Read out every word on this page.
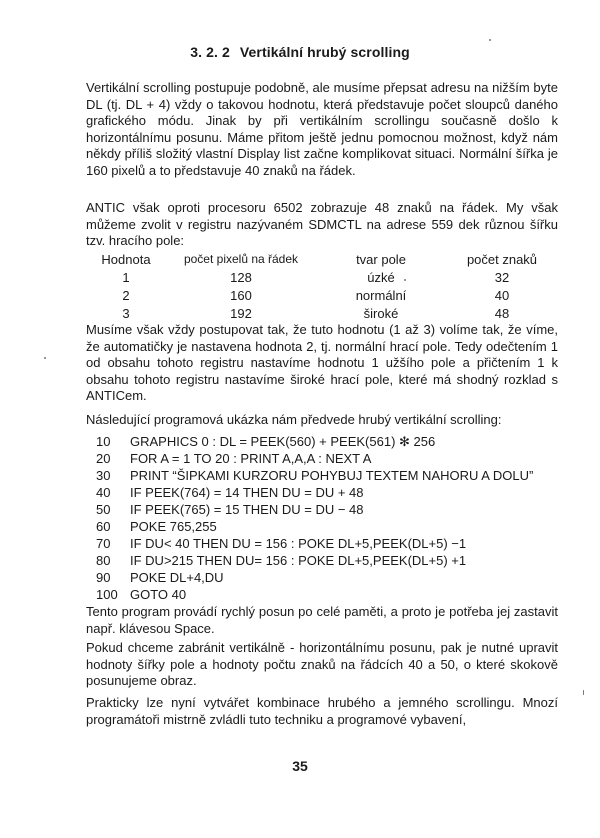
3. 2. 2 Vertikální hrubý scrolling

Vertikální scrolling postupuje podobně, ale musíme přepsat adresu na nižším byte DL (tj. DL + 4) vždy o takovou hodnotu, která představuje počet sloupců daného grafického módu. Jinak by při vertikálním scrollingu současně došlo k horizontálnímu posunu. Máme přitom ještě jednu pomocnou možnost, když nám někdy příliš složitý vlastní Display list začne komplikovat situaci. Normální šířka je 160 pixelů a to představuje 40 znaků na řádek.

ANTIC však oproti procesoru 6502 zobrazuje 48 znaků na řádek. My však můžeme zvolit v registru nazývaném SDMCTL na adrese 559 dek různou šířku tzv. hracího pole:

Hodnota	počet pixelů na řádek	tvar pole	počet znaků
1	128	úzké	32
2	160	normální	40
3	192	široké	48

Musíme však vždy postupovat tak, že tuto hodnotu (1 až 3) volíme tak, že víme, že automatičky je nastavena hodnota 2, tj. normální hrací pole. Tedy odečtením 1 od obsahu tohoto registru nastavíme hodnotu 1 užšího pole a přičtením 1 k obsahu tohoto registru nastavíme široké hrací pole, které má shodný rozklad s ANTICem.

Následující programová ukázka nám předvede hrubý vertikální scrolling:

10 GRAPHICS 0 : DL = PEEK(560) + PEEK(561) ✻ 256
20 FOR A = 1 TO 20 : PRINT A,A,A : NEXT A
30 PRINT “ŠIPKAMI KURZORU POHYBUJ TEXTEM NAHORU A DOLU”
40 IF PEEK(764) = 14 THEN DU = DU + 48
50 IF PEEK(765) = 15 THEN DU = DU − 48
60 POKE 765,255
70 IF DU< 40 THEN DU = 156 : POKE DL+5,PEEK(DL+5) −1
80 IF DU>215 THEN DU= 156 : POKE DL+5,PEEK(DL+5) +1
90 POKE DL+4,DU
100 GOTO 40

Tento program provádí rychlý posun po celé paměti, a proto je potřeba jej zastavit např. klávesou Space.

Pokud chceme zabránit vertikálně - horizontálnímu posunu, pak je nutné upravit hodnoty šířky pole a hodnoty počtu znaků na řádcích 40 a 50, o které skokově posunujeme obraz.

Prakticky lze nyní vytvářet kombinace hrubého a jemného scrollingu. Mnozí programátoři mistrně zvládli tuto techniku a programové vybavení,

35
